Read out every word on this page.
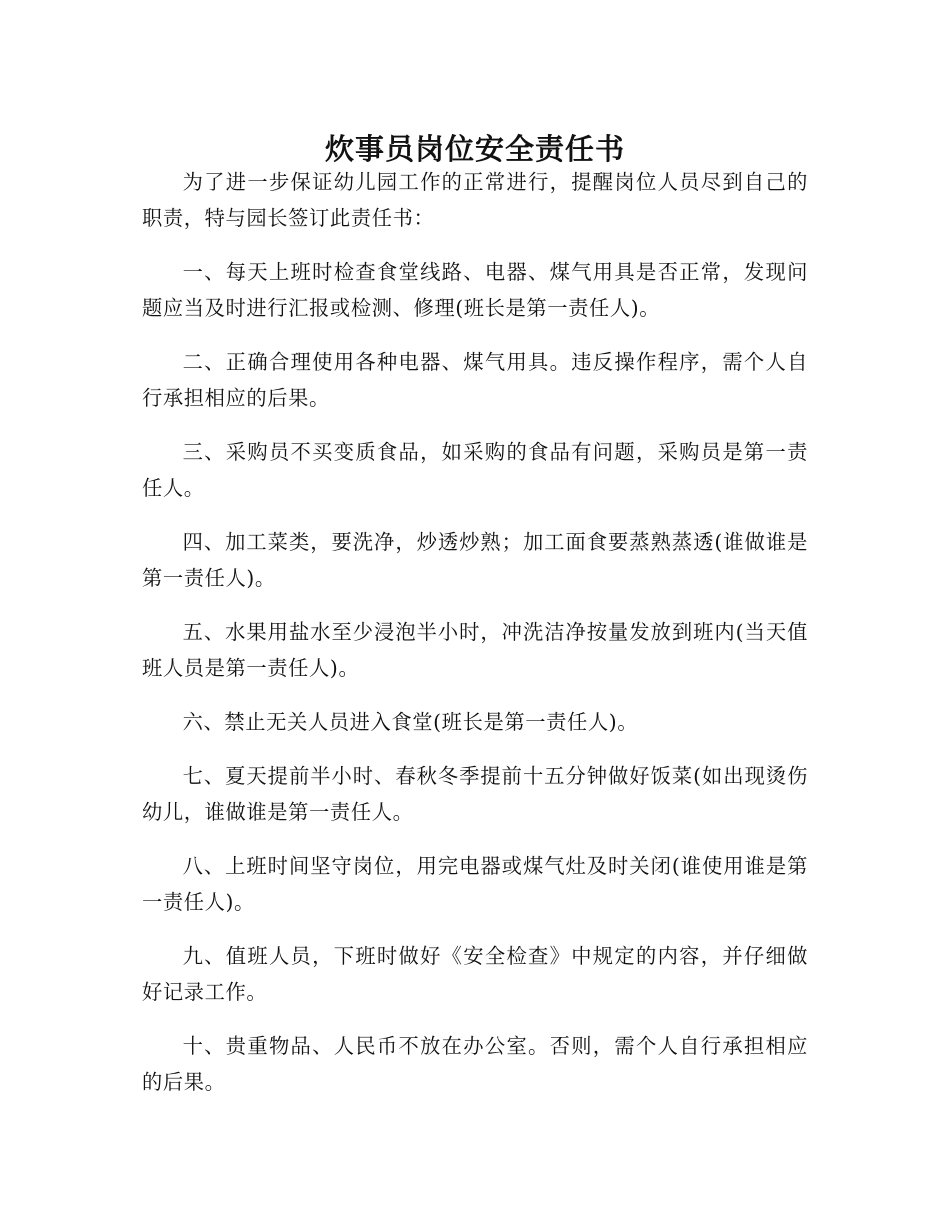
炊事员岗位安全责任书

为了进一步保证幼儿园工作的正常进行，提醒岗位人员尽到自己的职责，特与园长签订此责任书：

一、每天上班时检查食堂线路、电器、煤气用具是否正常，发现问题应当及时进行汇报或检测、修理(班长是第一责任人)。

二、正确合理使用各种电器、煤气用具。违反操作程序，需个人自行承担相应的后果。

三、采购员不买变质食品，如采购的食品有问题，采购员是第一责任人。

四、加工菜类，要洗净，炒透炒熟；加工面食要蒸熟蒸透(谁做谁是第一责任人)。

五、水果用盐水至少浸泡半小时，冲洗洁净按量发放到班内(当天值班人员是第一责任人)。

六、禁止无关人员进入食堂(班长是第一责任人)。

七、夏天提前半小时、春秋冬季提前十五分钟做好饭菜(如出现烫伤幼儿，谁做谁是第一责任人。

八、上班时间坚守岗位，用完电器或煤气灶及时关闭(谁使用谁是第一责任人)。

九、值班人员，下班时做好《安全检查》中规定的内容，并仔细做好记录工作。

十、贵重物品、人民币不放在办公室。否则，需个人自行承担相应的后果。
